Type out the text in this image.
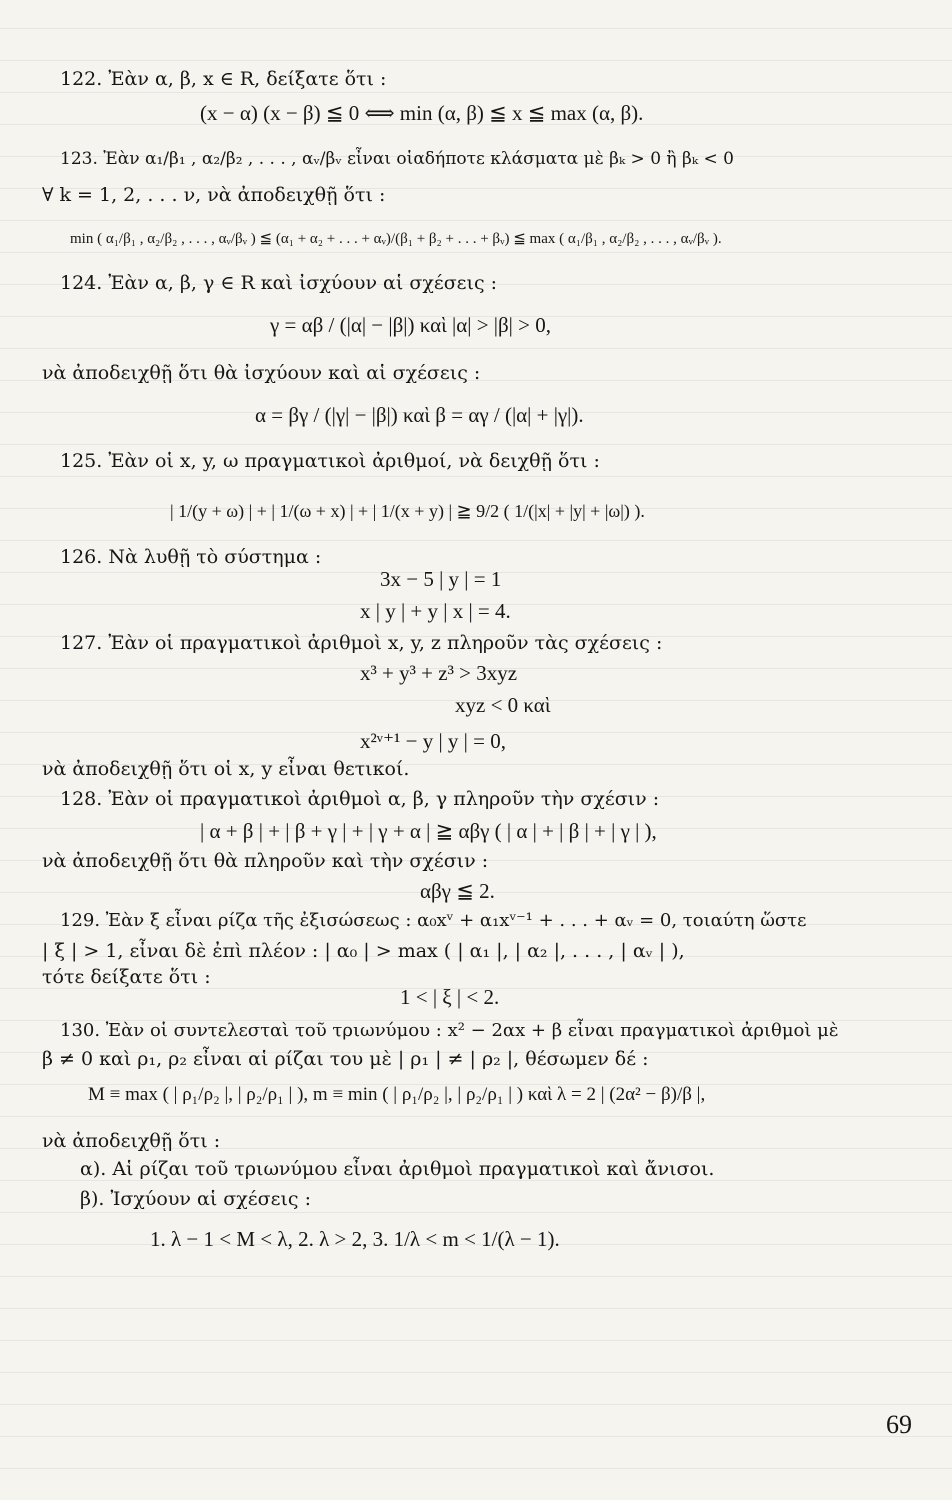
122. Ἐὰν α, β, x ∈ R, δείξατε ὅτι :
(x − α) (x − β) ≦ 0 ⟺ min (α, β) ≦ x ≦ max (α, β).
123. Ἐὰν α₁/β₁ , α₂/β₂ , . . . , αᵥ/βᵥ εἶναι οἱαδήποτε κλάσματα μὲ βₖ > 0 ἢ βₖ < 0
∀ k = 1, 2, . . . ν, νὰ ἀποδειχθῇ ὅτι :
min ( α₁/β₁ , α₂/β₂ , . . . , αᵥ/βᵥ ) ≦ (α₁ + α₂ + . . . + αᵥ)/(β₁ + β₂ + . . . + βᵥ) ≦ max ( α₁/β₁ , α₂/β₂ , . . . , αᵥ/βᵥ ).
124. Ἐὰν α, β, γ ∈ R καὶ ἰσχύουν αἱ σχέσεις :
γ = αβ / (|α| − |β|) καὶ |α| > |β| > 0,
νὰ ἀποδειχθῇ ὅτι θὰ ἰσχύουν καὶ αἱ σχέσεις :
α = βγ / (|γ| − |β|) καὶ β = αγ / (|α| + |γ|).
125. Ἐὰν οἱ x, y, ω πραγματικοὶ ἀριθμοί, νὰ δειχθῇ ὅτι :
| 1/(y + ω) | + | 1/(ω + x) | + | 1/(x + y) | ≧ 9/2 ( 1/(|x| + |y| + |ω|) ).
126. Νὰ λυθῇ τὸ σύστημα :
3x − 5 | y | = 1
x | y | + y | x | = 4.
127. Ἐὰν οἱ πραγματικοὶ ἀριθμοὶ x, y, z πληροῦν τὰς σχέσεις :
x³ + y³ + z³ > 3xyz
xyz < 0 καὶ
x²ᵛ⁺¹ − y | y | = 0,
νὰ ἀποδειχθῇ ὅτι οἱ x, y εἶναι θετικοί.
128. Ἐὰν οἱ πραγματικοὶ ἀριθμοὶ α, β, γ πληροῦν τὴν σχέσιν :
| α + β | + | β + γ | + | γ + α | ≧ αβγ ( | α | + | β | + | γ | ),
νὰ ἀποδειχθῇ ὅτι θὰ πληροῦν καὶ τὴν σχέσιν :
αβγ ≦ 2.
129. Ἐὰν ξ εἶναι ρίζα τῆς ἐξισώσεως : α₀xᵛ + α₁xᵛ⁻¹ + . . . + αᵥ = 0, τοιαύτη ὥστε
| ξ | > 1, εἶναι δὲ ἐπὶ πλέον : | α₀ | > max ( | α₁ |, | α₂ |, . . . , | αᵥ | ),
τότε δείξατε ὅτι :
1 < | ξ | < 2.
130. Ἐὰν οἱ συντελεσταὶ τοῦ τριωνύμου : x² − 2αx + β εἶναι πραγματικοὶ ἀριθμοὶ μὲ
β ≠ 0 καὶ ρ₁, ρ₂ εἶναι αἱ ρίζαι του μὲ | ρ₁ | ≠ | ρ₂ |, θέσωμεν δέ :
M ≡ max ( | ρ₁/ρ₂ |, | ρ₂/ρ₁ | ), m ≡ min ( | ρ₁/ρ₂ |, | ρ₂/ρ₁ | ) καὶ λ = 2 | (2α² − β)/β |,
νὰ ἀποδειχθῇ ὅτι :
α). Αἱ ρίζαι τοῦ τριωνύμου εἶναι ἀριθμοὶ πραγματικοὶ καὶ ἄνισοι.
β). Ἰσχύουν αἱ σχέσεις :
1. λ − 1 < M < λ, 2. λ > 2, 3. 1/λ < m < 1/(λ − 1).
69
